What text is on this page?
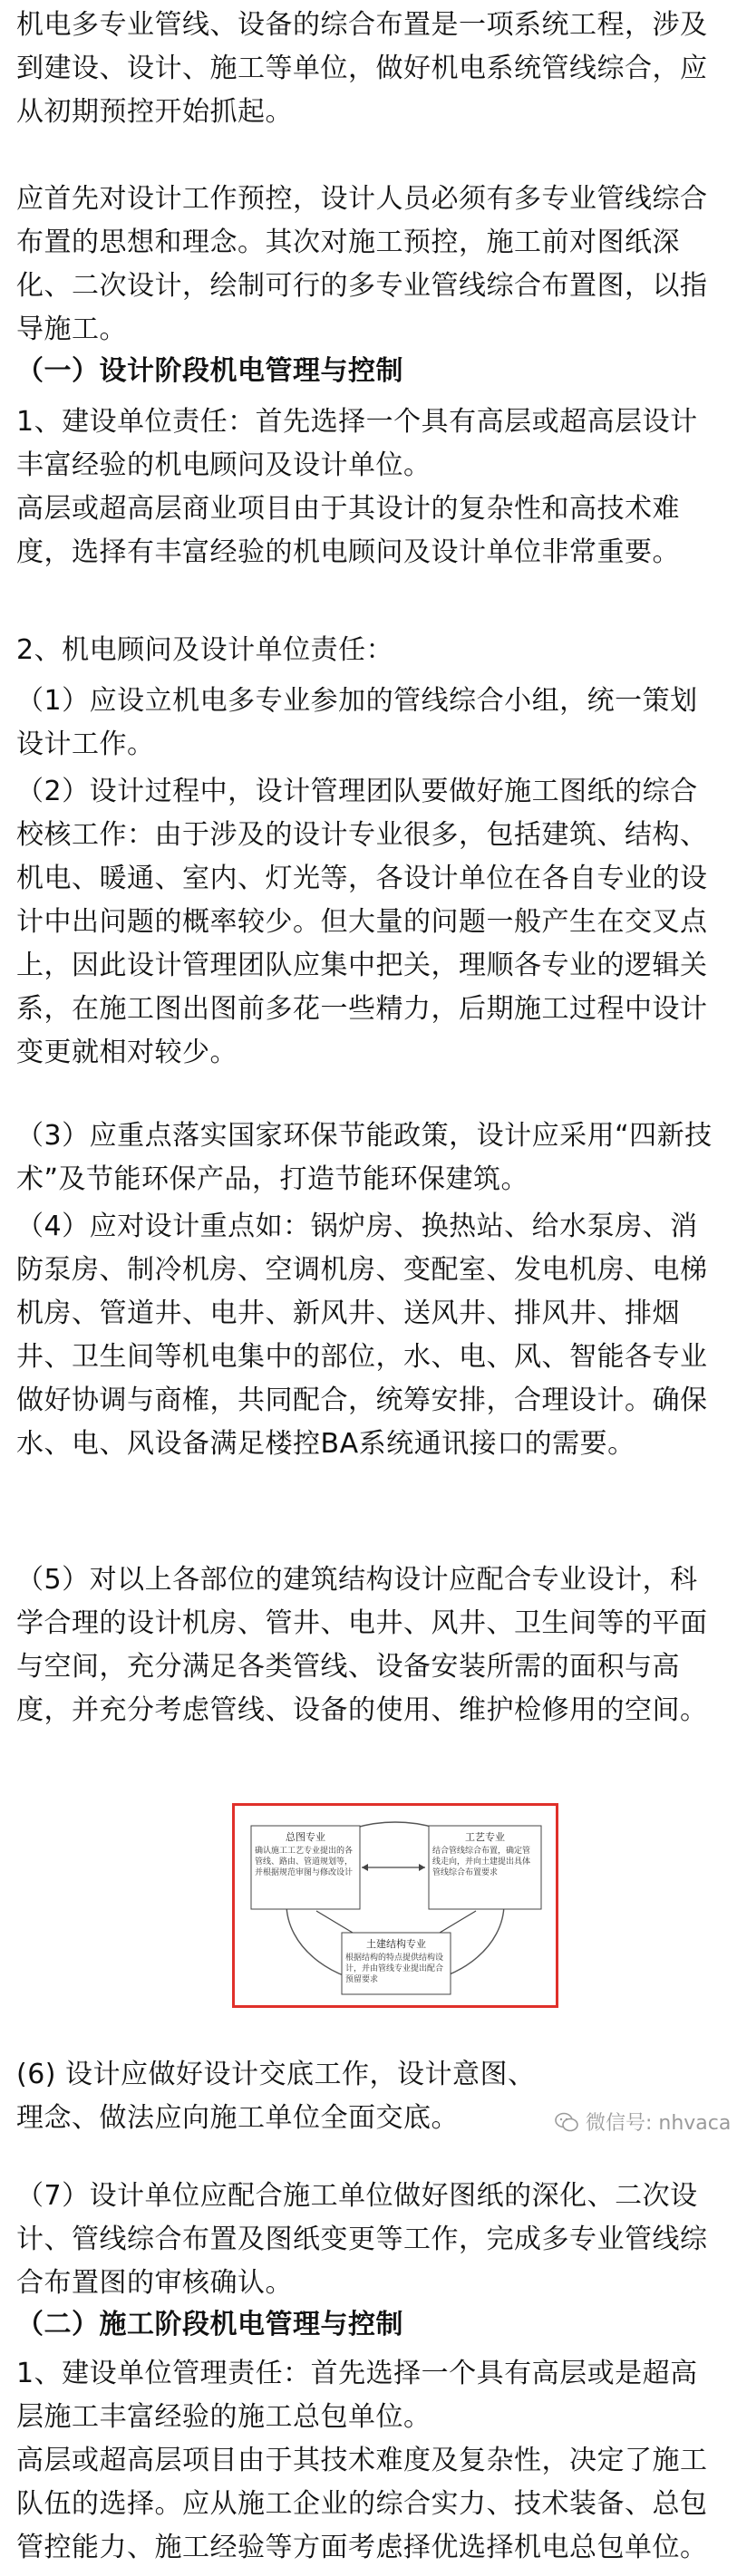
机电多专业管线、设备的综合布置是一项系统工程，涉及到建设、设计、施工等单位，做好机电系统管线综合，应从初期预控开始抓起。

应首先对设计工作预控，设计人员必须有多专业管线综合布置的思想和理念。其次对施工预控，施工前对图纸深化、二次设计，绘制可行的多专业管线综合布置图，以指导施工。

（一）设计阶段机电管理与控制

1、建设单位责任：首先选择一个具有高层或超高层设计丰富经验的机电顾问及设计单位。

高层或超高层商业项目由于其设计的复杂性和高技术难度，选择有丰富经验的机电顾问及设计单位非常重要。

2、机电顾问及设计单位责任：

（1）应设立机电多专业参加的管线综合小组，统一策划设计工作。

（2）设计过程中，设计管理团队要做好施工图纸的综合校核工作：由于涉及的设计专业很多，包括建筑、结构、机电、暖通、室内、灯光等，各设计单位在各自专业的设计中出问题的概率较少。但大量的问题一般产生在交叉点上，因此设计管理团队应集中把关，理顺各专业的逻辑关系，在施工图出图前多花一些精力，后期施工过程中设计变更就相对较少。

（3）应重点落实国家环保节能政策，设计应采用“四新技术”及节能环保产品，打造节能环保建筑。

（4）应对设计重点如：锅炉房、换热站、给水泵房、消防泵房、制冷机房、空调机房、变配室、发电机房、电梯机房、管道井、电井、新风井、送风井、排风井、排烟井、卫生间等机电集中的部位，水、电、风、智能各专业做好协调与商榷，共同配合，统筹安排，合理设计。确保水、电、风设备满足楼控BA系统通讯接口的需要。

（5）对以上各部位的建筑结构设计应配合专业设计，科学合理的设计机房、管井、电井、风井、卫生间等的平面与空间，充分满足各类管线、设备安装所需的面积与高度，并充分考虑管线、设备的使用、维护检修用的空间。

总图专业
确认施工工艺专业提出的各管线、路由、管道规划等，并根据规范审图与修改设计
工艺专业
结合管线综合布置，确定管线走向，并向土建提出具体管线综合布置要求
土建结构专业
根据结构的特点提供结构设计，并由管线专业提出配合预留要求

(6) 设计应做好设计交底工作，设计意图、理念、做法应向施工单位全面交底。	微信号: nhvaca

（7）设计单位应配合施工单位做好图纸的深化、二次设计、管线综合布置及图纸变更等工作，完成多专业管线综合布置图的审核确认。

（二）施工阶段机电管理与控制

1、建设单位管理责任：首先选择一个具有高层或是超高层施工丰富经验的施工总包单位。

高层或超高层项目由于其技术难度及复杂性，决定了施工队伍的选择。应从施工企业的综合实力、技术装备、总包管控能力、施工经验等方面考虑择优选择机电总包单位。
